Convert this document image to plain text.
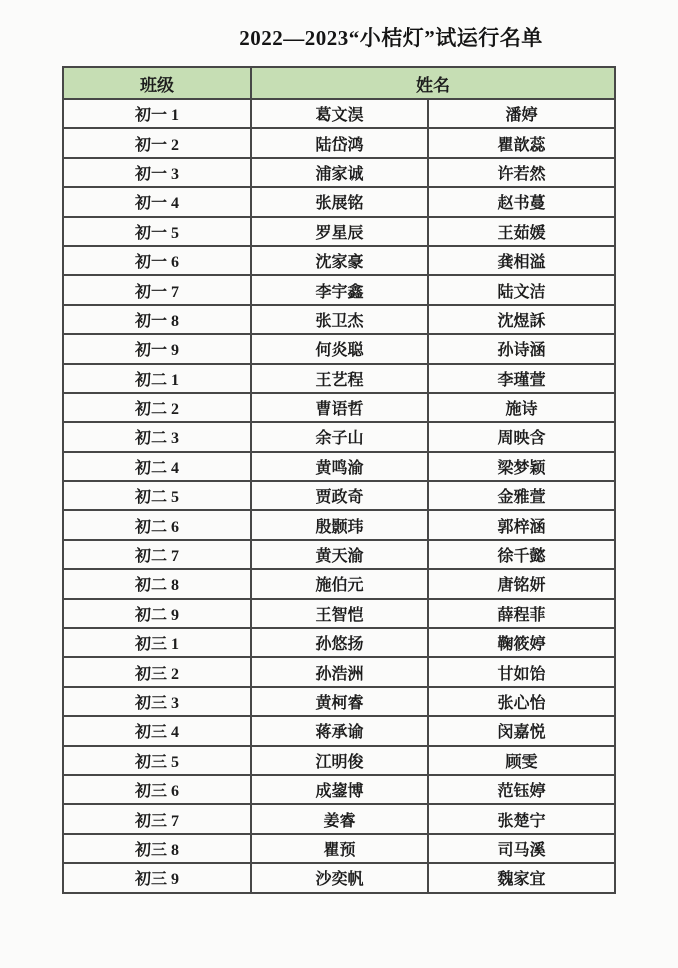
2022—2023“小桔灯”试运行名单
班级	姓名	
初一 1	葛文淏	潘婷
初一 2	陆岱鸿	瞿歆蕊
初一 3	浦家诚	许若然
初一 4	张展铭	赵书蔓
初一 5	罗星辰	王茹媛
初一 6	沈家豪	龚相溢
初一 7	李宇鑫	陆文洁
初一 8	张卫杰	沈煜訸
初一 9	何炎聪	孙诗涵
初二 1	王艺程	李瑾萱
初二 2	曹语哲	施诗
初二 3	余子山	周映含
初二 4	黄鸣渝	梁梦颖
初二 5	贾政奇	金雅萱
初二 6	殷颢玮	郭梓涵
初二 7	黄天渝	徐千懿
初二 8	施伯元	唐铭妍
初二 9	王智恺	薛程菲
初三 1	孙悠扬	鞠筱婷
初三 2	孙浩洲	甘如饴
初三 3	黄柯睿	张心怡
初三 4	蒋承谕	闵嘉悦
初三 5	江明俊	顾雯
初三 6	成鋆博	范钰婷
初三 7	姜睿	张楚宁
初三 8	瞿预	司马溪
初三 9	沙奕帆	魏家宜
